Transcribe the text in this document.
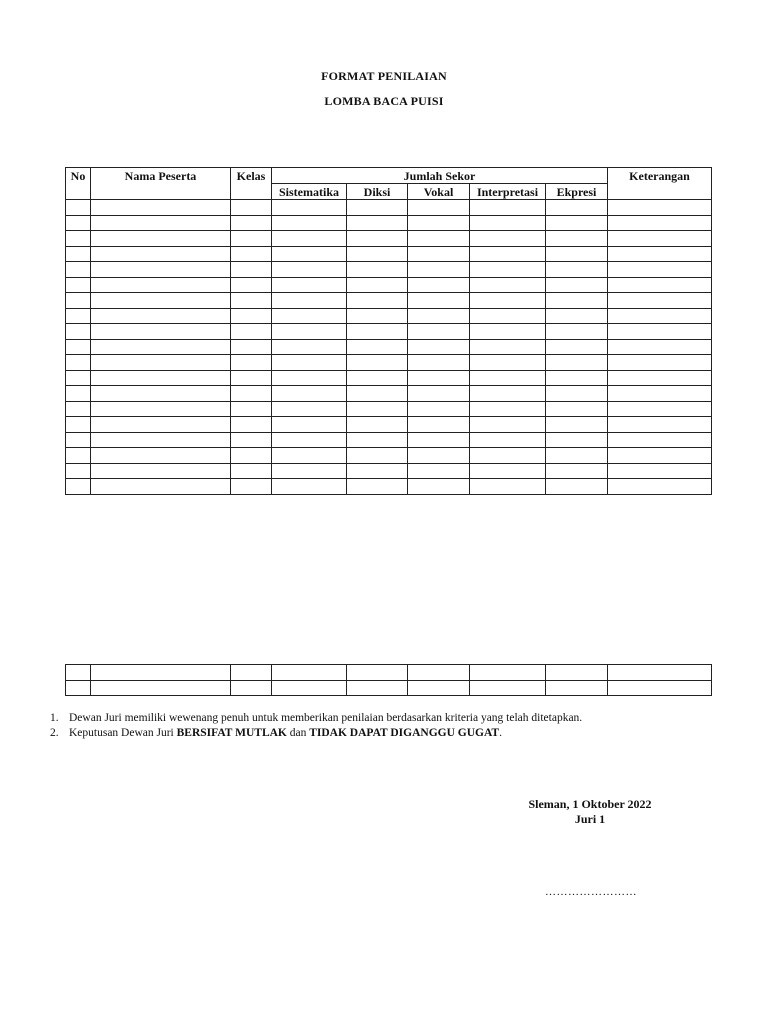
FORMAT PENILAIAN
LOMBA BACA PUISI
No	Nama Peserta	Kelas	Jumlah Sekor					Keterangan
			Sistematika	Diksi	Vokal	Interpretasi	Ekpresi	

1. Dewan Juri memiliki wewenang penuh untuk memberikan penilaian berdasarkan kriteria yang telah ditetapkan.
2. Keputusan Dewan Juri BERSIFAT MUTLAK dan TIDAK DAPAT DIGANGGU GUGAT.
Sleman, 1 Oktober 2022
Juri 1
……………………
